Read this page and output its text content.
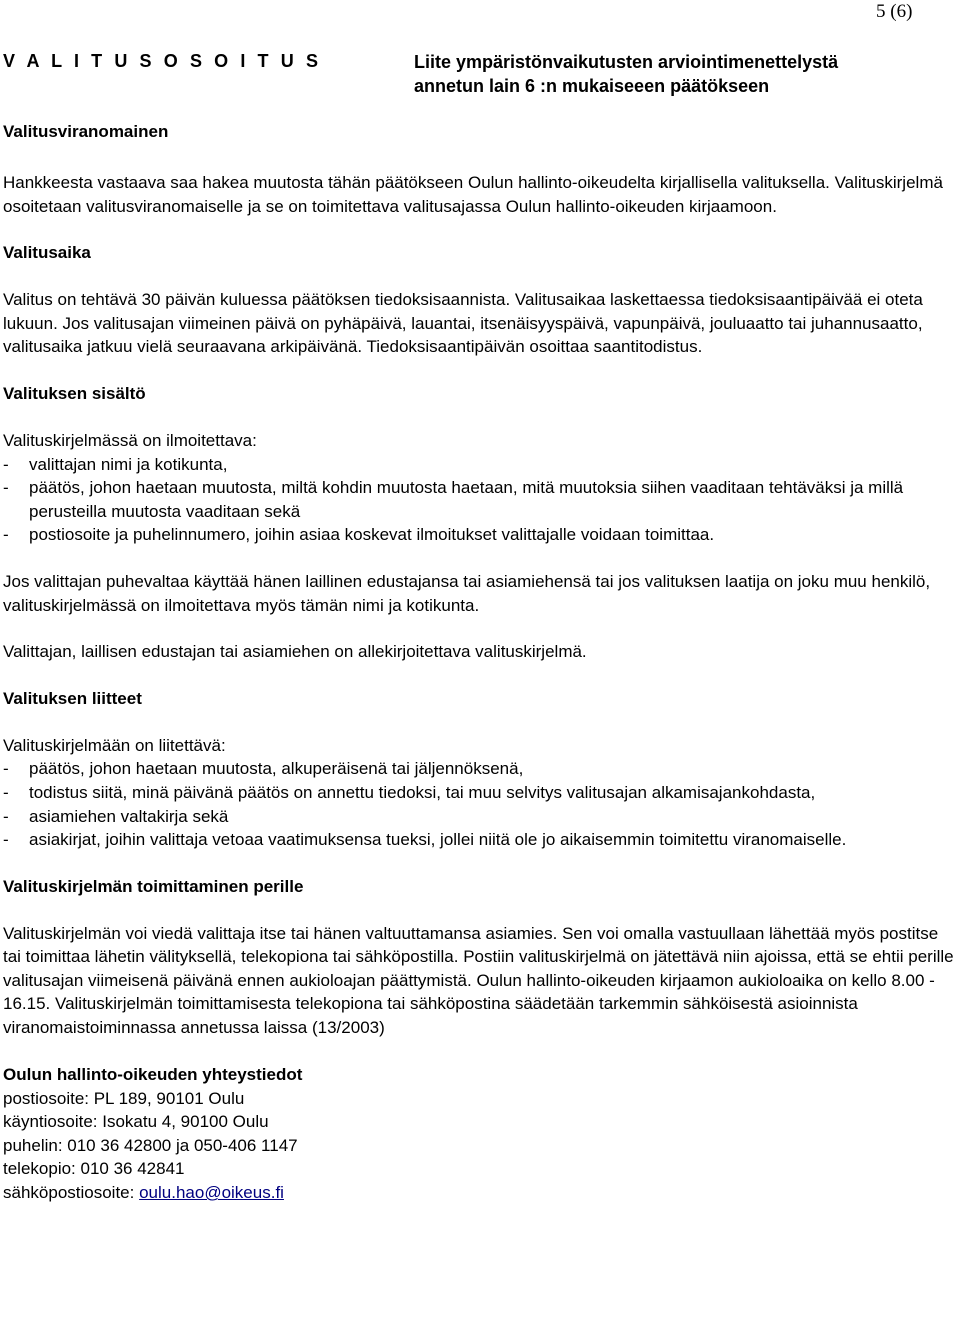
5 (6)
V A L I T U S O S O I T U S	Liite ympäristönvaikutusten arviointimenettelystä
annetun lain 6 :n mukaiseeen päätökseen
Valitusviranomainen

Hankkeesta vastaava saa hakea muutosta tähän päätökseen Oulun hallinto-oikeudelta kirjallisella valituksella. Valituskirjelmä osoitetaan valitusviranomaiselle ja se on toimitettava valitusajassa Oulun hallinto-oikeuden kirjaamoon.

Valitusaika

Valitus on tehtävä 30 päivän kuluessa päätöksen tiedoksisaannista. Valitusaikaa laskettaessa tiedoksisaantipäivää ei oteta lukuun. Jos valitusajan viimeinen päivä on pyhäpäivä, lauantai, itsenäisyyspäivä, vapunpäivä, jouluaatto tai juhannusaatto, valitusaika jatkuu vielä seuraavana arkipäivänä. Tiedoksisaantipäivän osoittaa saantitodistus.

Valituksen sisältö

Valituskirjelmässä on ilmoitettava:

- valittajan nimi ja kotikunta,
- päätös, johon haetaan muutosta, miltä kohdin muutosta haetaan, mitä muutoksia siihen vaaditaan tehtäväksi ja millä perusteilla muutosta vaaditaan sekä
- postiosoite ja puhelinnumero, joihin asiaa koskevat ilmoitukset valittajalle voidaan toimittaa.

Jos valittajan puhevaltaa käyttää hänen laillinen edustajansa tai asiamiehensä tai jos valituksen laatija on joku muu henkilö, valituskirjelmässä on ilmoitettava myös tämän nimi ja kotikunta.

Valittajan, laillisen edustajan tai asiamiehen on allekirjoitettava valituskirjelmä.

Valituksen liitteet

Valituskirjelmään on liitettävä:

- päätös, johon haetaan muutosta, alkuperäisenä tai jäljennöksenä,
- todistus siitä, minä päivänä päätös on annettu tiedoksi, tai muu selvitys valitusajan alkamisajankohdasta,
- asiamiehen valtakirja sekä
- asiakirjat, joihin valittaja vetoaa vaatimuksensa tueksi, jollei niitä ole jo aikaisemmin toimitettu viranomaiselle.
Valituskirjelmän toimittaminen perille

Valituskirjelmän voi viedä valittaja itse tai hänen valtuuttamansa asiamies. Sen voi omalla vastuullaan lähettää myös postitse tai toimittaa lähetin välityksellä, telekopiona tai sähköpostilla. Postiin valituskirjelmä on jätettävä niin ajoissa, että se ehtii perille valitusajan viimeisenä päivänä ennen aukioloajan päättymistä. Oulun hallinto-oikeuden kirjaamon aukioloaika on kello 8.00 - 16.15. Valituskirjelmän toimittamisesta telekopiona tai sähköpostina säädetään tarkemmin sähköisestä asioinnista viranomaistoiminnassa annetussa laissa (13/2003)

Oulun hallinto-oikeuden yhteystiedot
postiosoite: PL 189, 90101 Oulu
käyntiosoite: Isokatu 4, 90100 Oulu
puhelin: 010 36 42800 ja 050-406 1147
telekopio: 010 36 42841
sähköpostiosoite: oulu.hao@oikeus.fi
